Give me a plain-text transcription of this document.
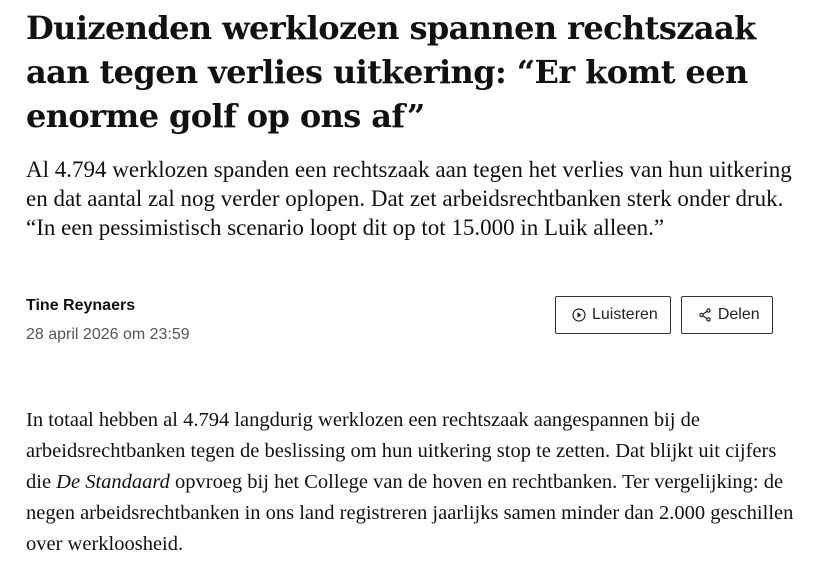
Duizenden werklozen spannen rechtszaak aan tegen verlies uitkering: “Er komt een enorme golf op ons af”

Al 4.794 werklozen spanden een rechtszaak aan tegen het verlies van hun uitkering en dat aantal zal nog verder oplopen. Dat zet arbeidsrechtbanken sterk onder druk. “In een pessimistisch scenario loopt dit op tot 15.000 in Luik alleen.”

Tine Reynaers
28 april 2026 om 23:59
Luisteren	Delen

In totaal hebben al 4.794 langdurig werklozen een rechtszaak aangespannen bij de arbeidsrechtbanken tegen de beslissing om hun uitkering stop te zetten. Dat blijkt uit cijfers die De Standaard opvroeg bij het College van de hoven en rechtbanken. Ter vergelijking: de negen arbeidsrechtbanken in ons land registreren jaarlijks samen minder dan 2.000 geschillen over werkloosheid.
